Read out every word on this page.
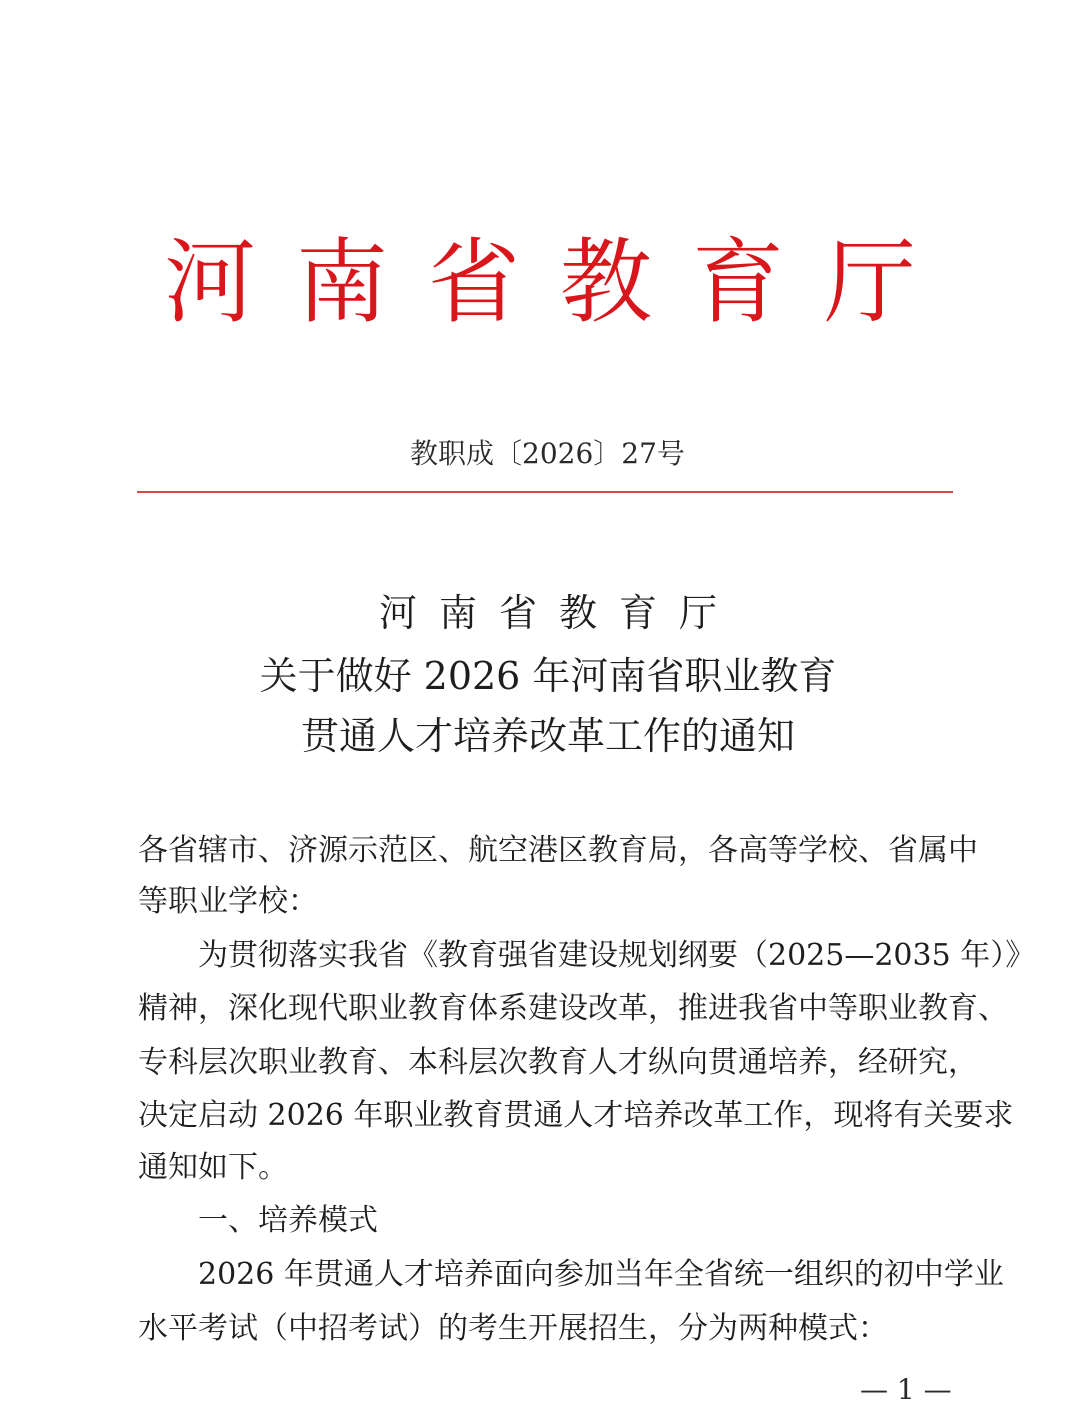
河南省教育厅
教职成〔2026〕27号
河南省教育厅
关于做好 2026 年河南省职业教育
贯通人才培养改革工作的通知
各省辖市、济源示范区、航空港区教育局，各高等学校、省属中
等职业学校：
　　为贯彻落实我省《教育强省建设规划纲要（2025—2035 年）》
精神，深化现代职业教育体系建设改革，推进我省中等职业教育、
专科层次职业教育、本科层次教育人才纵向贯通培养，经研究，
决定启动 2026 年职业教育贯通人才培养改革工作，现将有关要求
通知如下。
　　一、培养模式
　　2026 年贯通人才培养面向参加当年全省统一组织的初中学业
水平考试（中招考试）的考生开展招生，分为两种模式：
— 1 —
